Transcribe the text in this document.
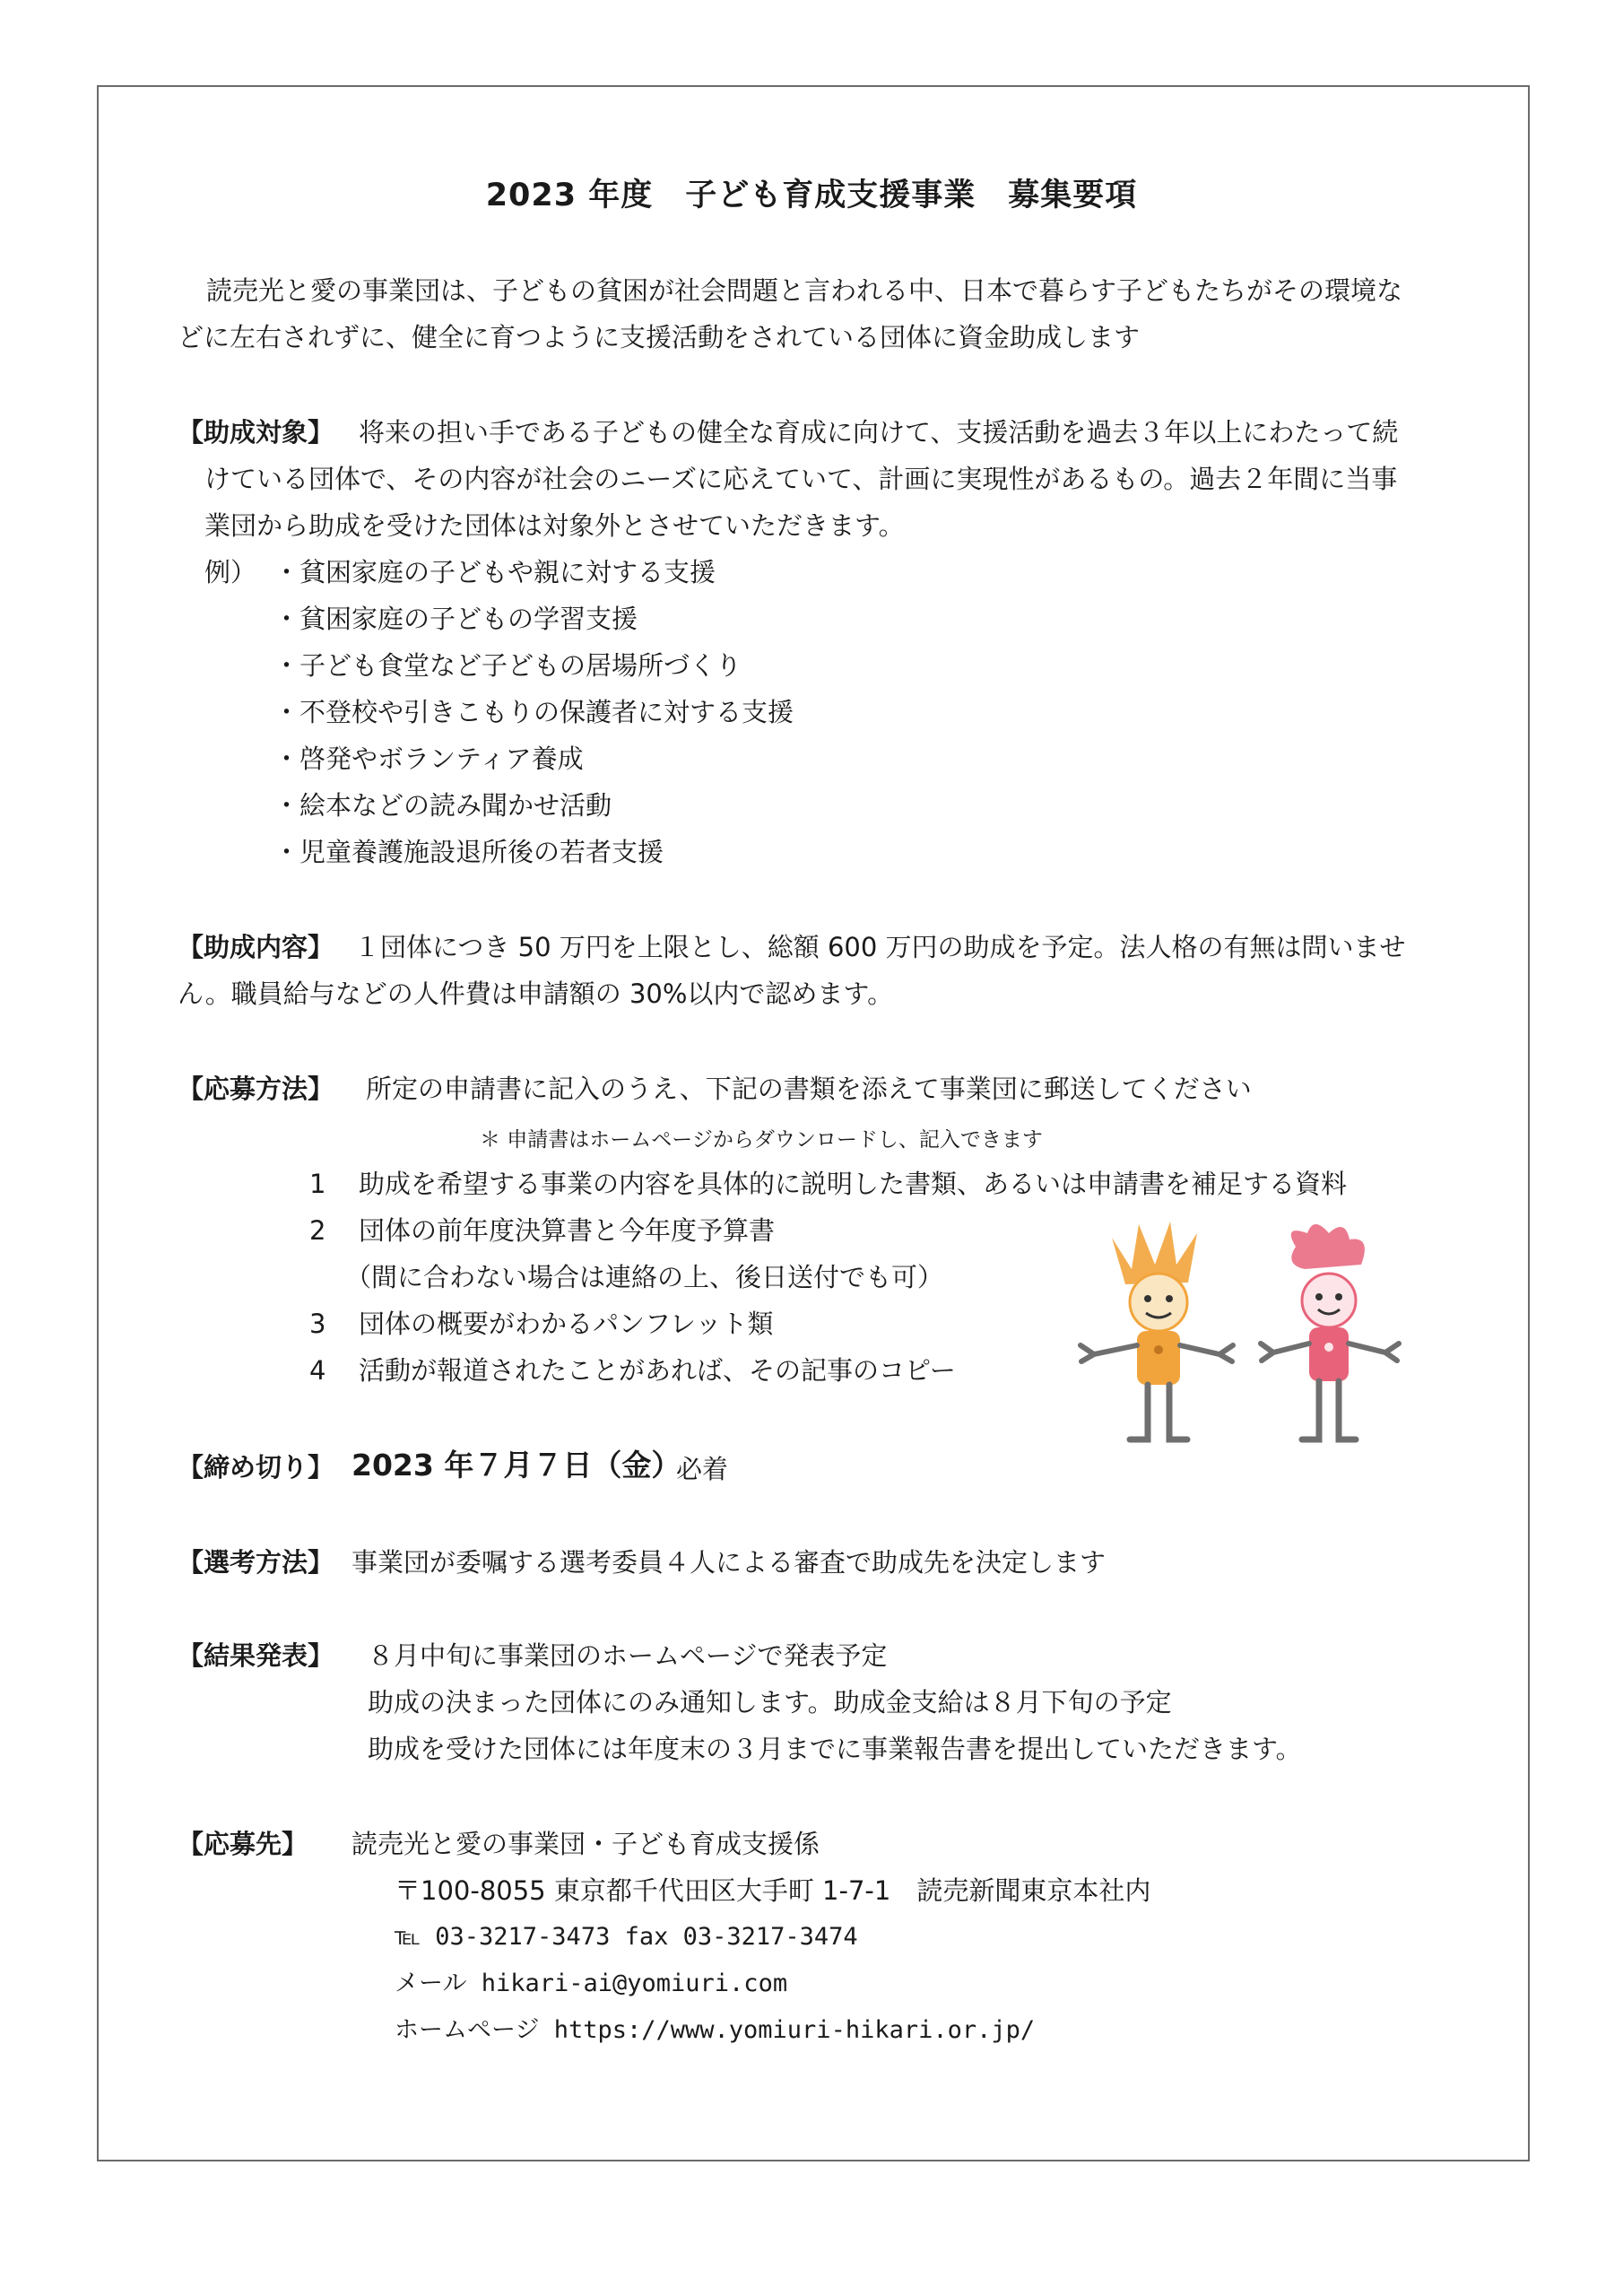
2023 年度　子ども育成支援事業　募集要項
読売光と愛の事業団は、子どもの貧困が社会問題と言われる中、日本で暮らす子どもたちがその環境な
どに左右されずに、健全に育つように支援活動をされている団体に資金助成します
【助成対象】 将来の担い手である子どもの健全な育成に向けて、支援活動を過去３年以上にわたって続
けている団体で、その内容が社会のニーズに応えていて、計画に実現性があるもの。過去２年間に当事
業団から助成を受けた団体は対象外とさせていただきます。
例） ・貧困家庭の子どもや親に対する支援
・貧困家庭の子どもの学習支援
・子ども食堂など子どもの居場所づくり
・不登校や引きこもりの保護者に対する支援
・啓発やボランティア養成
・絵本などの読み聞かせ活動
・児童養護施設退所後の若者支援
【助成内容】 １団体につき 50 万円を上限とし、総額 600 万円の助成を予定。法人格の有無は問いませ
ん。職員給与などの人件費は申請額の 30%以内で認めます。
【応募方法】 所定の申請書に記入のうえ、下記の書類を添えて事業団に郵送してください
＊ 申請書はホームページからダウンロードし、記入できます
1 助成を希望する事業の内容を具体的に説明した書類、あるいは申請書を補足する資料
2 団体の前年度決算書と今年度予算書
（間に合わない場合は連絡の上、後日送付でも可）
3 団体の概要がわかるパンフレット類
4 活動が報道されたことがあれば、その記事のコピー
【締め切り】 2023 年７月７日（金）
必着
【選考方法】 事業団が委嘱する選考委員４人による審査で助成先を決定します
【結果発表】 ８月中旬に事業団のホームページで発表予定
助成の決まった団体にのみ通知します。助成金支給は８月下旬の予定
助成を受けた団体には年度末の３月までに事業報告書を提出していただきます。
【応募先】 読売光と愛の事業団・子ども育成支援係
〒100-8055 東京都千代田区大手町 1-7-1　読売新聞東京本社内
℡ 03-3217-3473 fax 03-3217-3474
メール hikari-ai@yomiuri.com
ホームページ https://www.yomiuri-hikari.or.jp/
